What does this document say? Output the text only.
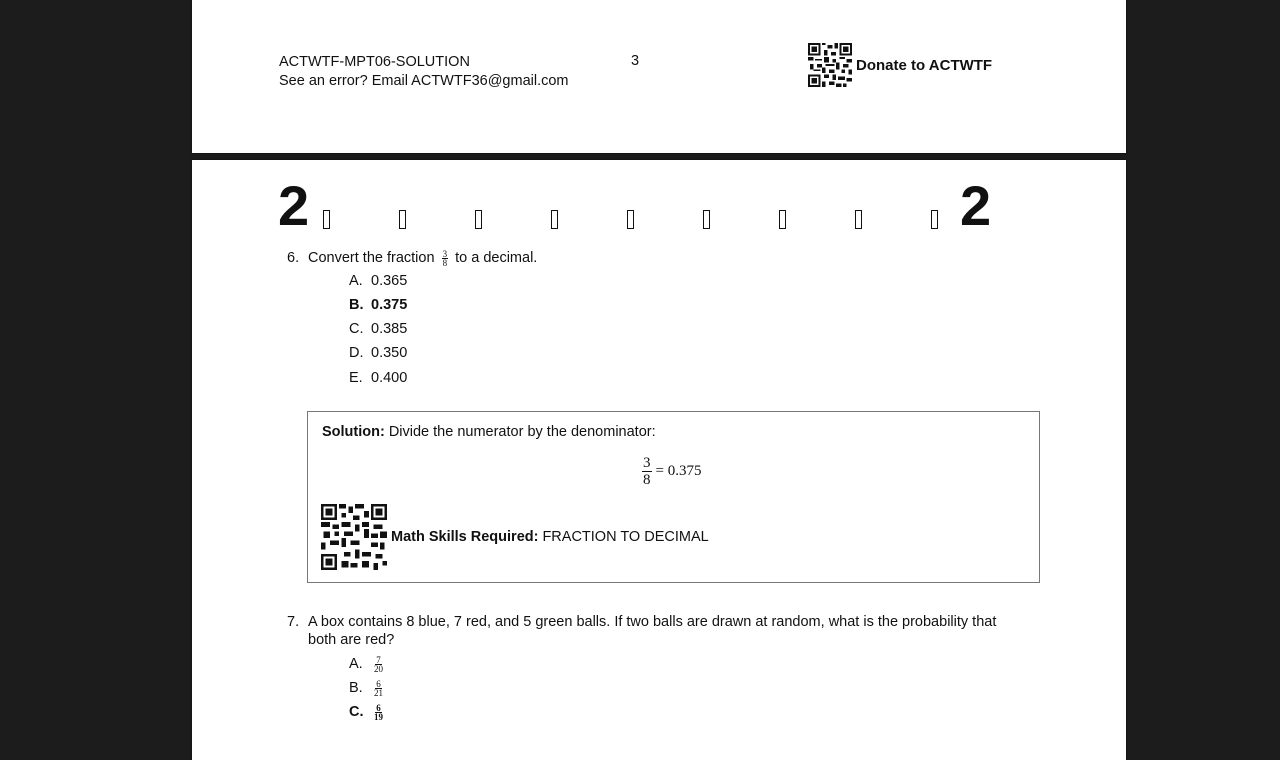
ACTWTF-MPT06-SOLUTION
See an error? Email ACTWTF36@gmail.com
3	Donate to ACTWTF
2	2
6. Convert the fraction $\frac{3}{8}$ to a decimal.
A. 0.365
B. 0.375
C. 0.385
D. 0.350
E. 0.400
Solution: Divide the numerator by the denominator:
$\frac{3}{8} = 0.375$
Math Skills Required: FRACTION TO DECIMAL
7. A box contains 8 blue, 7 red, and 5 green balls. If two balls are drawn at random, what is the probability that
both are red?
A. $\frac{7}{20}$
B. $\frac{6}{21}$
C. $\frac{6}{19}$
